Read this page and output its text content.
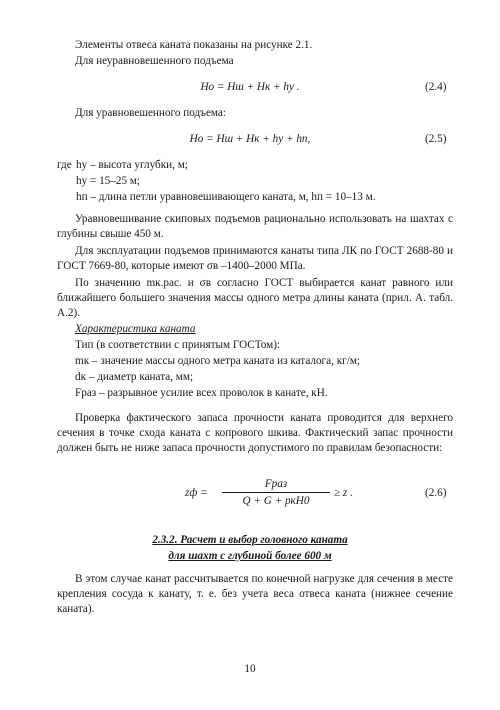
Элементы отвеса каната показаны на рисунке 2.1.

Для неуравновешенного подъема

Hо = Hш + Hк + hу .	(2.4)

Для уравновешенного подъема:

Hо = Hш + Hк + hу + hп,	(2.5)
где hу – высота углубки, м;
hу = 15–25 м;
hп – длина петли уравновешивающего каната, м, hп = 10–13 м.

Уравновешивание скиповых подъемов рационально использовать на шахтах с глубины свыше 450 м.

Для эксплуатации подъемов принимаются канаты типа ЛК по ГОСТ 2688-80 и ГОСТ 7669-80, которые имеют σв –1400–2000 МПа.

По значению mк.рас. и σв согласно ГОСТ выбирается канат равного или ближайшего большего значения массы одного метра длины каната (прил. А. табл. А.2).

Характеристика каната

Тип (в соответствии с принятым ГОСТом):

mк – значение массы одного метра каната из каталога, кг/м;

dк – диаметр каната, мм;

Fраз – разрывное усилие всех проволок в канате, кН.

Проверка фактического запаса прочности каната проводится для верхнего сечения в точке схода каната с копрового шкива. Фактический запас прочности должен быть не ниже запаса прочности допустимого по правилам безопасности:

zф =
Fраз
Q + G + pкH0
≥ z .	(2.6)
2.3.2. Расчет и выбор головного каната
для шахт с глубиной более 600 м

В этом случае канат рассчитывается по конечной нагрузке для сечения в месте крепления сосуда к канату, т. е. без учета веса отвеса каната (нижнее сечение каната).

10
